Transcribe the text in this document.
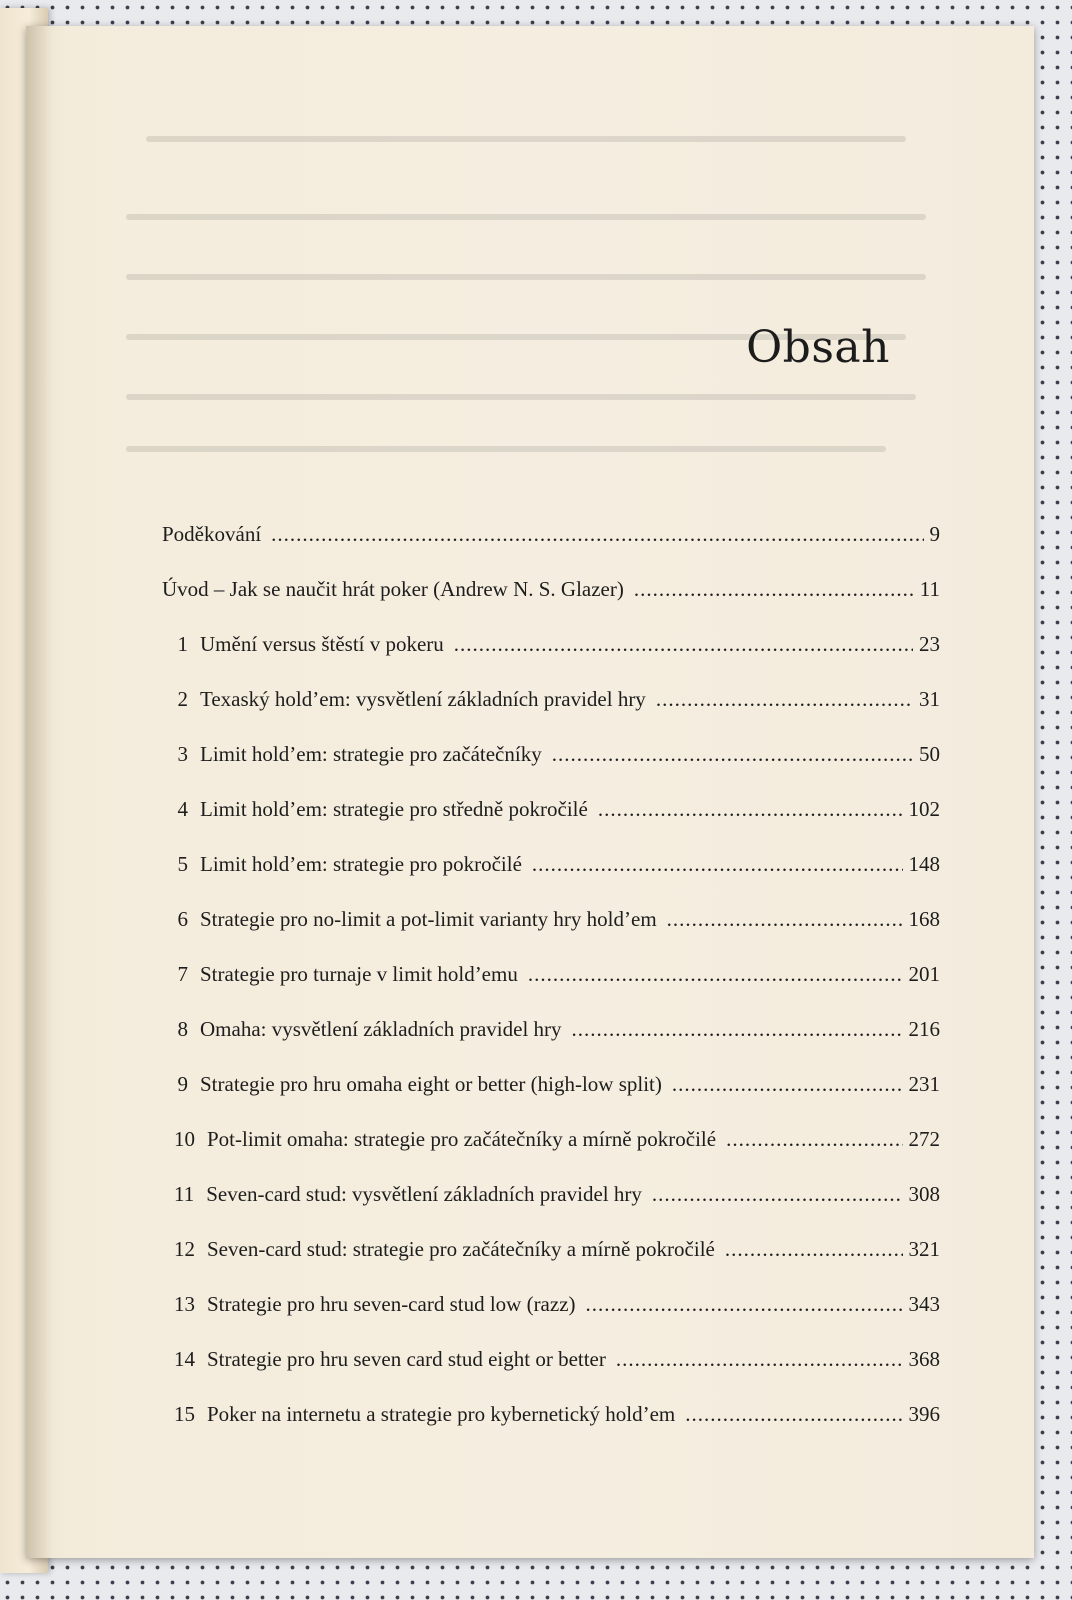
Obsah
Poděkování .....	9
Úvod – Jak se naučit hrát poker (Andrew N. S. Glazer) .....	11
1 Umění versus štěstí v pokeru .....	23
2 Texaský hold’em: vysvětlení základních pravidel hry .....	31
3 Limit hold’em: strategie pro začátečníky .....	50
4 Limit hold’em: strategie pro středně pokročilé .....	102
5 Limit hold’em: strategie pro pokročilé .....	148
6 Strategie pro no-limit a pot-limit varianty hry hold’em .....	168
7 Strategie pro turnaje v limit hold’emu .....	201
8 Omaha: vysvětlení základních pravidel hry .....	216
9 Strategie pro hru omaha eight or better (high-low split) .....	231
10 Pot-limit omaha: strategie pro začátečníky a mírně pokročilé .....	272
11 Seven-card stud: vysvětlení základních pravidel hry .....	308
12 Seven-card stud: strategie pro začátečníky a mírně pokročilé .....	321
13 Strategie pro hru seven-card stud low (razz) .....	343
14 Strategie pro hru seven card stud eight or better .....	368
15 Poker na internetu a strategie pro kybernetický hold’em .....	396
